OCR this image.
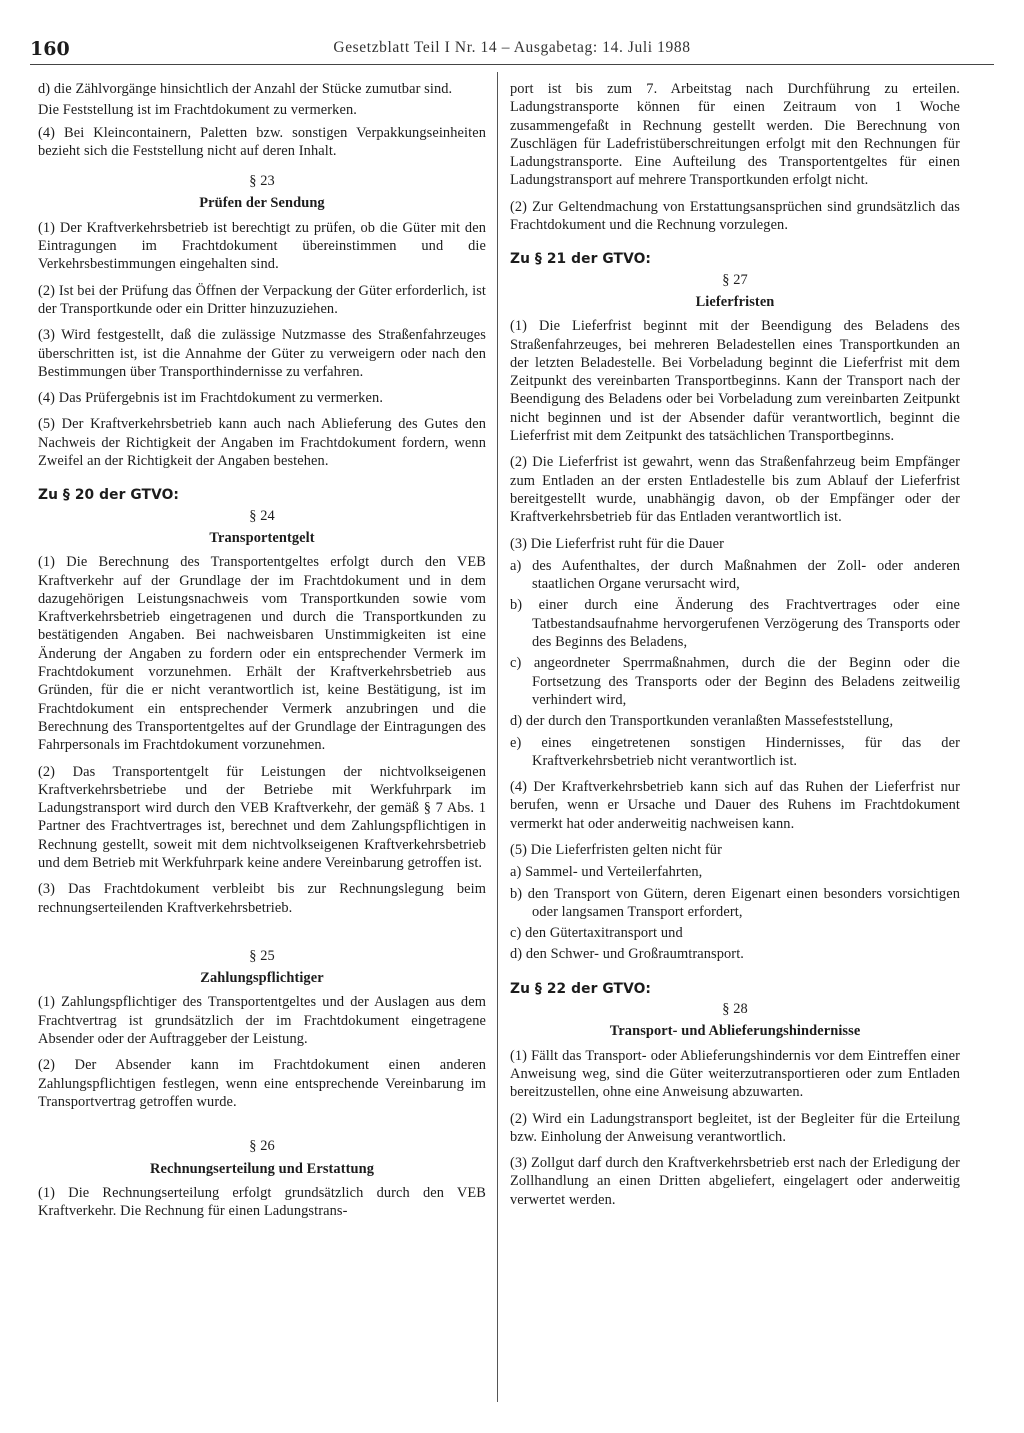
160	Gesetzblatt Teil I Nr. 14 – Ausgabetag: 14. Juli 1988
d) die Zählvorgänge hinsichtlich der Anzahl der Stücke zumutbar sind.

Die Feststellung ist im Frachtdokument zu vermerken.

(4) Bei Kleincontainern, Paletten bzw. sonstigen Verpakkungseinheiten bezieht sich die Feststellung nicht auf deren Inhalt.

§ 23
Prüfen der Sendung

(1) Der Kraftverkehrsbetrieb ist berechtigt zu prüfen, ob die Güter mit den Eintragungen im Frachtdokument übereinstimmen und die Verkehrsbestimmungen eingehalten sind.

(2) Ist bei der Prüfung das Öffnen der Verpackung der Güter erforderlich, ist der Transportkunde oder ein Dritter hinzuzuziehen.

(3) Wird festgestellt, daß die zulässige Nutzmasse des Straßenfahrzeuges überschritten ist, ist die Annahme der Güter zu verweigern oder nach den Bestimmungen über Transporthindernisse zu verfahren.

(4) Das Prüfergebnis ist im Frachtdokument zu vermerken.

(5) Der Kraftverkehrsbetrieb kann auch nach Ablieferung des Gutes den Nachweis der Richtigkeit der Angaben im Frachtdokument fordern, wenn Zweifel an der Richtigkeit der Angaben bestehen.

Zu § 20 der GTVO:
§ 24
Transportentgelt

(1) Die Berechnung des Transportentgeltes erfolgt durch den VEB Kraftverkehr auf der Grundlage der im Frachtdokument und in dem dazugehörigen Leistungsnachweis vom Transportkunden sowie vom Kraftverkehrsbetrieb eingetragenen und durch die Transportkunden zu bestätigenden Angaben. Bei nachweisbaren Unstimmigkeiten ist eine Änderung der Angaben zu fordern oder ein entsprechender Vermerk im Frachtdokument vorzunehmen. Erhält der Kraftverkehrsbetrieb aus Gründen, für die er nicht verantwortlich ist, keine Bestätigung, ist im Frachtdokument ein entsprechender Vermerk anzubringen und die Berechnung des Transportentgeltes auf der Grundlage der Eintragungen des Fahrpersonals im Frachtdokument vorzunehmen.

(2) Das Transportentgelt für Leistungen der nichtvolkseigenen Kraftverkehrsbetriebe und der Betriebe mit Werkfuhrpark im Ladungstransport wird durch den VEB Kraftverkehr, der gemäß § 7 Abs. 1 Partner des Frachtvertrages ist, berechnet und dem Zahlungspflichtigen in Rechnung gestellt, soweit mit dem nichtvolkseigenen Kraftverkehrsbetrieb und dem Betrieb mit Werkfuhrpark keine andere Vereinbarung getroffen ist.

(3) Das Frachtdokument verbleibt bis zur Rechnungslegung beim rechnungserteilenden Kraftverkehrsbetrieb.

§ 25
Zahlungspflichtiger

(1) Zahlungspflichtiger des Transportentgeltes und der Auslagen aus dem Frachtvertrag ist grundsätzlich der im Frachtdokument eingetragene Absender oder der Auftraggeber der Leistung.

(2) Der Absender kann im Frachtdokument einen anderen Zahlungspflichtigen festlegen, wenn eine entsprechende Vereinbarung im Transportvertrag getroffen wurde.

§ 26
Rechnungserteilung und Erstattung

(1) Die Rechnungserteilung erfolgt grundsätzlich durch den VEB Kraftverkehr. Die Rechnung für einen Ladungstrans-

port ist bis zum 7. Arbeitstag nach Durchführung zu erteilen. Ladungstransporte können für einen Zeitraum von 1 Woche zusammengefaßt in Rechnung gestellt werden. Die Berechnung von Zuschlägen für Ladefristüberschreitungen erfolgt mit den Rechnungen für Ladungstransporte. Eine Aufteilung des Transportentgeltes für einen Ladungstransport auf mehrere Transportkunden erfolgt nicht.

(2) Zur Geltendmachung von Erstattungsansprüchen sind grundsätzlich das Frachtdokument und die Rechnung vorzulegen.

Zu § 21 der GTVO:
§ 27
Lieferfristen

(1) Die Lieferfrist beginnt mit der Beendigung des Beladens des Straßenfahrzeuges, bei mehreren Beladestellen eines Transportkunden an der letzten Beladestelle. Bei Vorbeladung beginnt die Lieferfrist mit dem Zeitpunkt des vereinbarten Transportbeginns. Kann der Transport nach der Beendigung des Beladens oder bei Vorbeladung zum vereinbarten Zeitpunkt nicht beginnen und ist der Absender dafür verantwortlich, beginnt die Lieferfrist mit dem Zeitpunkt des tatsächlichen Transportbeginns.

(2) Die Lieferfrist ist gewahrt, wenn das Straßenfahrzeug beim Empfänger zum Entladen an der ersten Entladestelle bis zum Ablauf der Lieferfrist bereitgestellt wurde, unabhängig davon, ob der Empfänger oder der Kraftverkehrsbetrieb für das Entladen verantwortlich ist.

(3) Die Lieferfrist ruht für die Dauer

a) des Aufenthaltes, der durch Maßnahmen der Zoll- oder anderen staatlichen Organe verursacht wird,
b) einer durch eine Änderung des Frachtvertrages oder eine Tatbestandsaufnahme hervorgerufenen Verzögerung des Transports oder des Beginns des Beladens,
c) angeordneter Sperrmaßnahmen, durch die der Beginn oder die Fortsetzung des Transports oder der Beginn des Beladens zeitweilig verhindert wird,
d) der durch den Transportkunden veranlaßten Massefeststellung,
e) eines eingetretenen sonstigen Hindernisses, für das der Kraftverkehrsbetrieb nicht verantwortlich ist.

(4) Der Kraftverkehrsbetrieb kann sich auf das Ruhen der Lieferfrist nur berufen, wenn er Ursache und Dauer des Ruhens im Frachtdokument vermerkt hat oder anderweitig nachweisen kann.

(5) Die Lieferfristen gelten nicht für

a) Sammel- und Verteilerfahrten,
b) den Transport von Gütern, deren Eigenart einen besonders vorsichtigen oder langsamen Transport erfordert,
c) den Gütertaxitransport und
d) den Schwer- und Großraumtransport.
Zu § 22 der GTVO:
§ 28
Transport- und Ablieferungshindernisse

(1) Fällt das Transport- oder Ablieferungshindernis vor dem Eintreffen einer Anweisung weg, sind die Güter weiterzutransportieren oder zum Entladen bereitzustellen, ohne eine Anweisung abzuwarten.

(2) Wird ein Ladungstransport begleitet, ist der Begleiter für die Erteilung bzw. Einholung der Anweisung verantwortlich.

(3) Zollgut darf durch den Kraftverkehrsbetrieb erst nach der Erledigung der Zollhandlung an einen Dritten abgeliefert, eingelagert oder anderweitig verwertet werden.
